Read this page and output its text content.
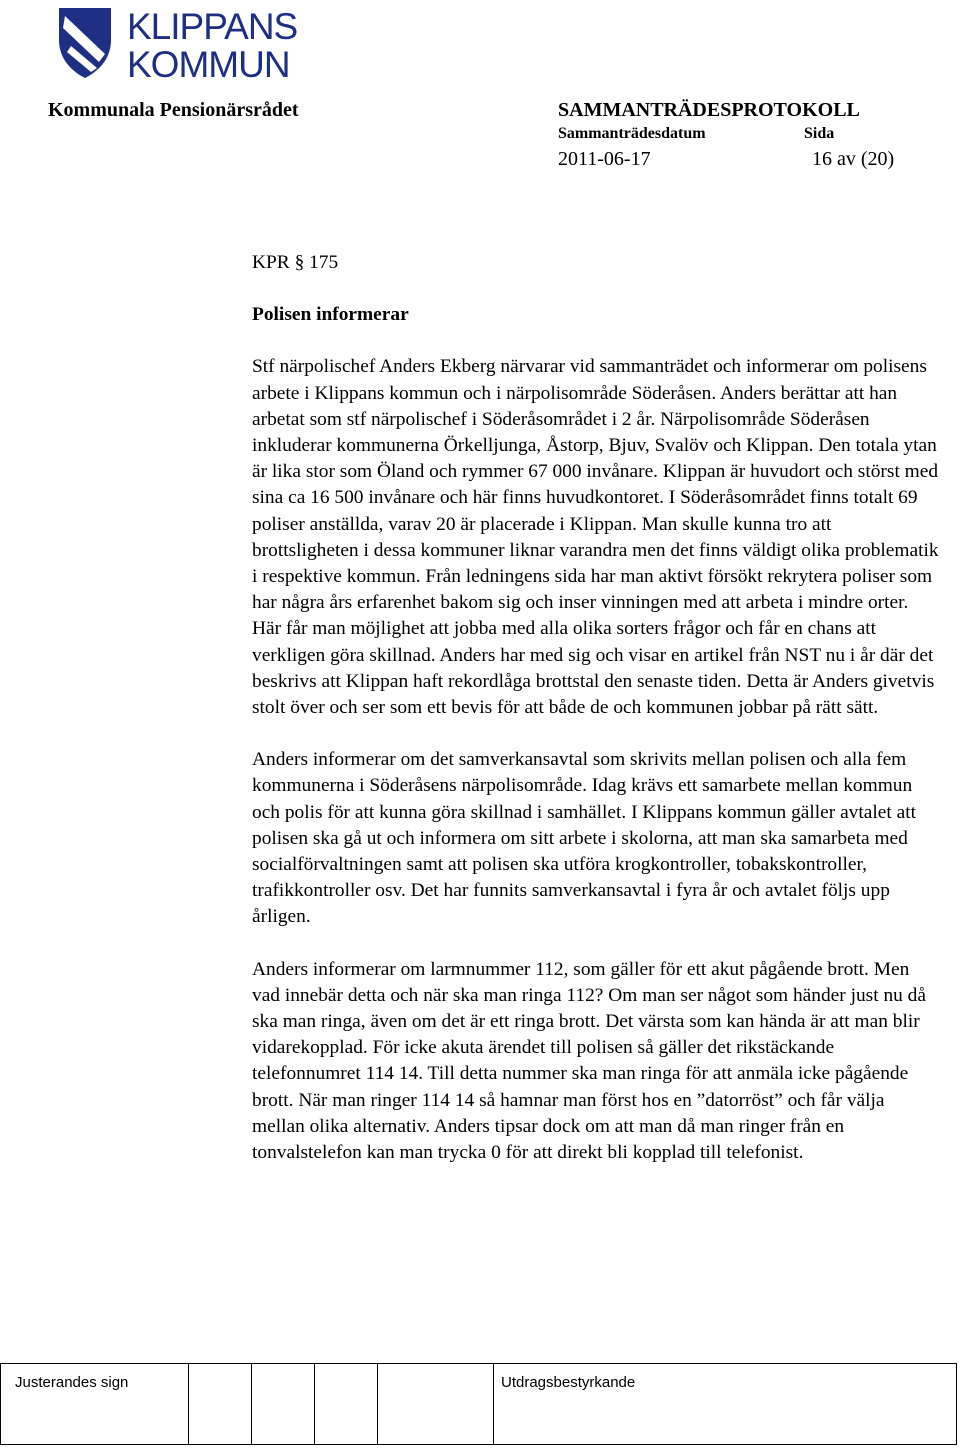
KLIPPANS
KOMMUN
Kommunala Pensionärsrådet	SAMMANTRÄDESPROTOKOLL
Sammanträdesdatum	Sida
2011-06-17	16 av (20)

KPR § 175

Polisen informerar

Stf närpolischef Anders Ekberg närvarar vid sammanträdet och informerar om polisens arbete i Klippans kommun och i närpolisområde Söderåsen. Anders berättar att han arbetat som stf närpolischef i Söderåsområdet i 2 år. Närpolisområde Söderåsen inkluderar kommunerna Örkelljunga, Åstorp, Bjuv, Svalöv och Klippan. Den totala ytan är lika stor som Öland och rymmer 67 000 invånare. Klippan är huvudort och störst med sina ca 16 500 invånare och här finns huvudkontoret. I Söderåsområdet finns totalt 69 poliser anställda, varav 20 är placerade i Klippan. Man skulle kunna tro att brottsligheten i dessa kommuner liknar varandra men det finns väldigt olika problematik i respektive kommun. Från ledningens sida har man aktivt försökt rekrytera poliser som har några års erfarenhet bakom sig och inser vinningen med att arbeta i mindre orter. Här får man möjlighet att jobba med alla olika sorters frågor och får en chans att verkligen göra skillnad. Anders har med sig och visar en artikel från NST nu i år där det beskrivs att Klippan haft rekordlåga brottstal den senaste tiden. Detta är Anders givetvis stolt över och ser som ett bevis för att både de och kommunen jobbar på rätt sätt.

Anders informerar om det samverkansavtal som skrivits mellan polisen och alla fem kommunerna i Söderåsens närpolisområde. Idag krävs ett samarbete mellan kommun och polis för att kunna göra skillnad i samhället. I Klippans kommun gäller avtalet att polisen ska gå ut och informera om sitt arbete i skolorna, att man ska samarbeta med socialförvaltningen samt att polisen ska utföra krogkontroller, tobakskontroller, trafikkontroller osv. Det har funnits samverkansavtal i fyra år och avtalet följs upp årligen.

Anders informerar om larmnummer 112, som gäller för ett akut pågående brott. Men vad innebär detta och när ska man ringa 112? Om man ser något som händer just nu då ska man ringa, även om det är ett ringa brott. Det värsta som kan hända är att man blir vidarekopplad. För icke akuta ärendet till polisen så gäller det rikstäckande telefonnumret 114 14. Till detta nummer ska man ringa för att anmäla icke pågående brott. När man ringer 114 14 så hamnar man först hos en ”datorröst” och får välja mellan olika alternativ. Anders tipsar dock om att man då man ringer från en tonvalstelefon kan man trycka 0 för att direkt bli kopplad till telefonist.

Justerandes sign	Utdragsbestyrkande
